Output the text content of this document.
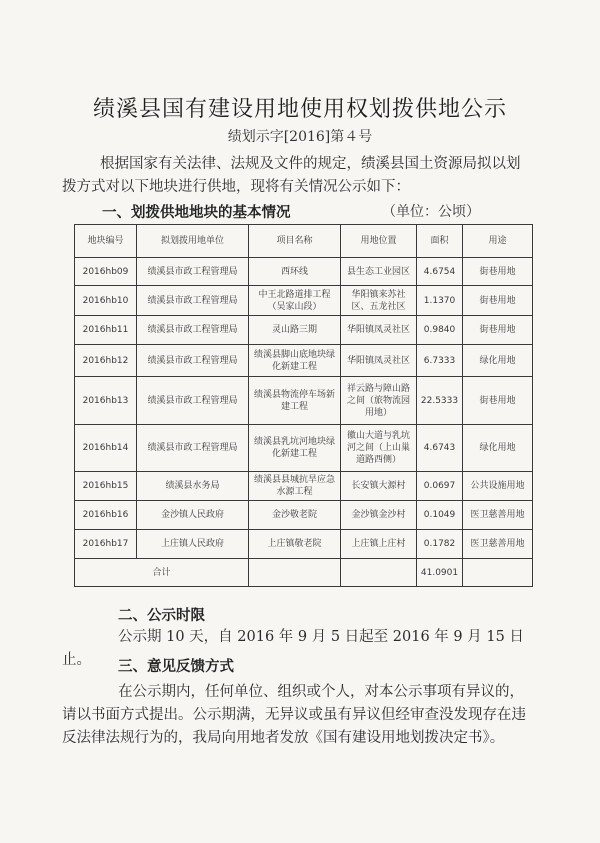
绩溪县国有建设用地使用权划拨供地公示
绩划示字[2016]第４号
根据国家有关法律、法规及文件的规定，绩溪县国土资源局拟以划拨方式对以下地块进行供地，现将有关情况公示如下：
一、划拨供地地块的基本情况	（单位：公顷）
地块编号	拟划拨用地单位	项目名称	用地位置	面积	用途
2016hb09	绩溪县市政工程管理局	西环线	县生态工业园区	4.6754	街巷用地
2016hb10	绩溪县市政工程管理局	中王北路道排工程（吴家山段）	华阳镇来苏社区、五龙社区	1.1370	街巷用地
2016hb11	绩溪县市政工程管理局	灵山路三期	华阳镇凤灵社区	0.9840	街巷用地
2016hb12	绩溪县市政工程管理局	绩溪县脚山底地块绿化新建工程	华阳镇凤灵社区	6.7333	绿化用地
2016hb13	绩溪县市政工程管理局	绩溪县物流停车场新建工程	祥云路与障山路之间（旅物流园用地）	22.5333	街巷用地
2016hb14	绩溪县市政工程管理局	绩溪县乳坑河地块绿化新建工程	徽山大道与乳坑河之间（上山巢道路西侧）	4.6743	绿化用地
2016hb15	绩溪县水务局	绩溪县县城抗旱应急水源工程	长安镇大源村	0.0697	公共设施用地
2016hb16	金沙镇人民政府	金沙敬老院	金沙镇金沙村	0.1049	医卫慈善用地
2016hb17	上庄镇人民政府	上庄镇敬老院	上庄镇上庄村	0.1782	医卫慈善用地
合计				41.0901	
二、公示时限
公示期 10 天，自 2016 年 9 月 5 日起至 2016 年 9 月 15 日止。	三、意见反馈方式
在公示期内，任何单位、组织或个人，对本公示事项有异议的，请以书面方式提出。公示期满，无异议或虽有异议但经审查没发现存在违反法律法规行为的，我局向用地者发放《国有建设用地划拨决定书》。
